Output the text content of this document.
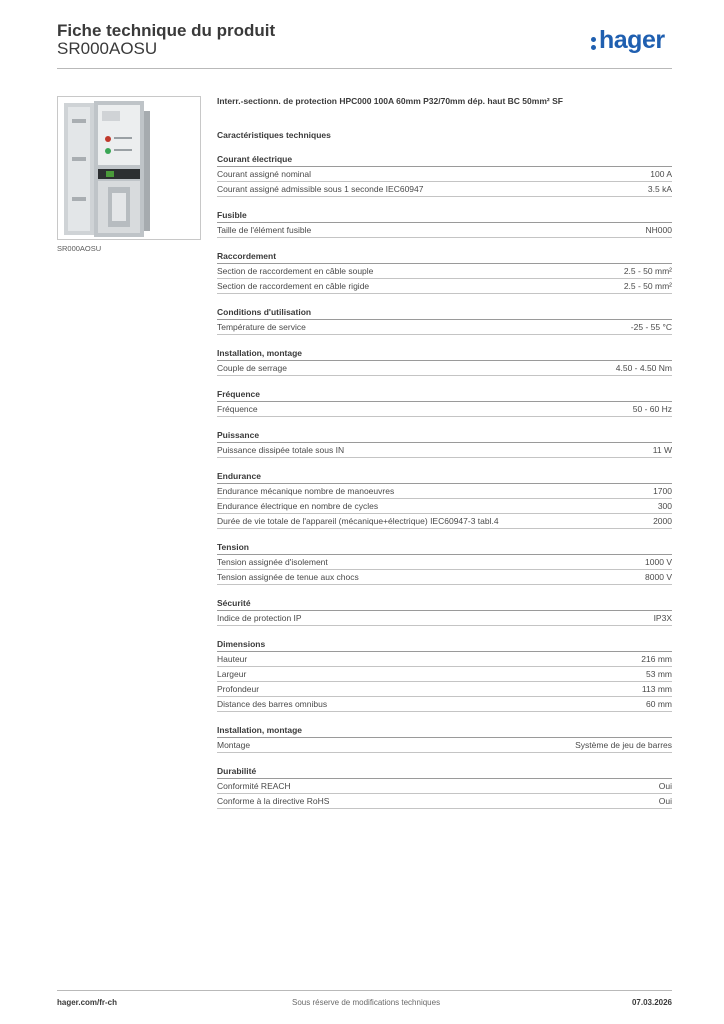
Fiche technique du produit
SR000AOSU	hager
SR000AOSU
Interr.-sectionn. de protection HPC000 100A 60mm P32/70mm dép. haut BC 50mm² SF
Caractéristiques techniques
Courant électrique
Courant assigné nominal	100 A
Courant assigné admissible sous 1 seconde IEC60947	3.5 kA
Fusible
Taille de l'élément fusible	NH000
Raccordement
Section de raccordement en câble souple	2.5 - 50 mm²
Section de raccordement en câble rigide	2.5 - 50 mm²
Conditions d'utilisation
Température de service	-25 - 55 °C
Installation, montage
Couple de serrage	4.50 - 4.50 Nm
Fréquence
Fréquence	50 - 60 Hz
Puissance
Puissance dissipée totale sous IN	11 W
Endurance
Endurance mécanique nombre de manoeuvres	1700
Endurance électrique en nombre de cycles	300
Durée de vie totale de l'appareil (mécanique+électrique) IEC60947-3 tabl.4	2000
Tension
Tension assignée d'isolement	1000 V
Tension assignée de tenue aux chocs	8000 V
Sécurité
Indice de protection IP	IP3X
Dimensions
Hauteur	216 mm
Largeur	53 mm
Profondeur	113 mm
Distance des barres omnibus	60 mm
Installation, montage
Montage	Système de jeu de barres
Durabilité
Conformité REACH	Oui
Conforme à la directive RoHS	Oui
hager.com/fr-ch	Sous réserve de modifications techniques	07.03.2026
